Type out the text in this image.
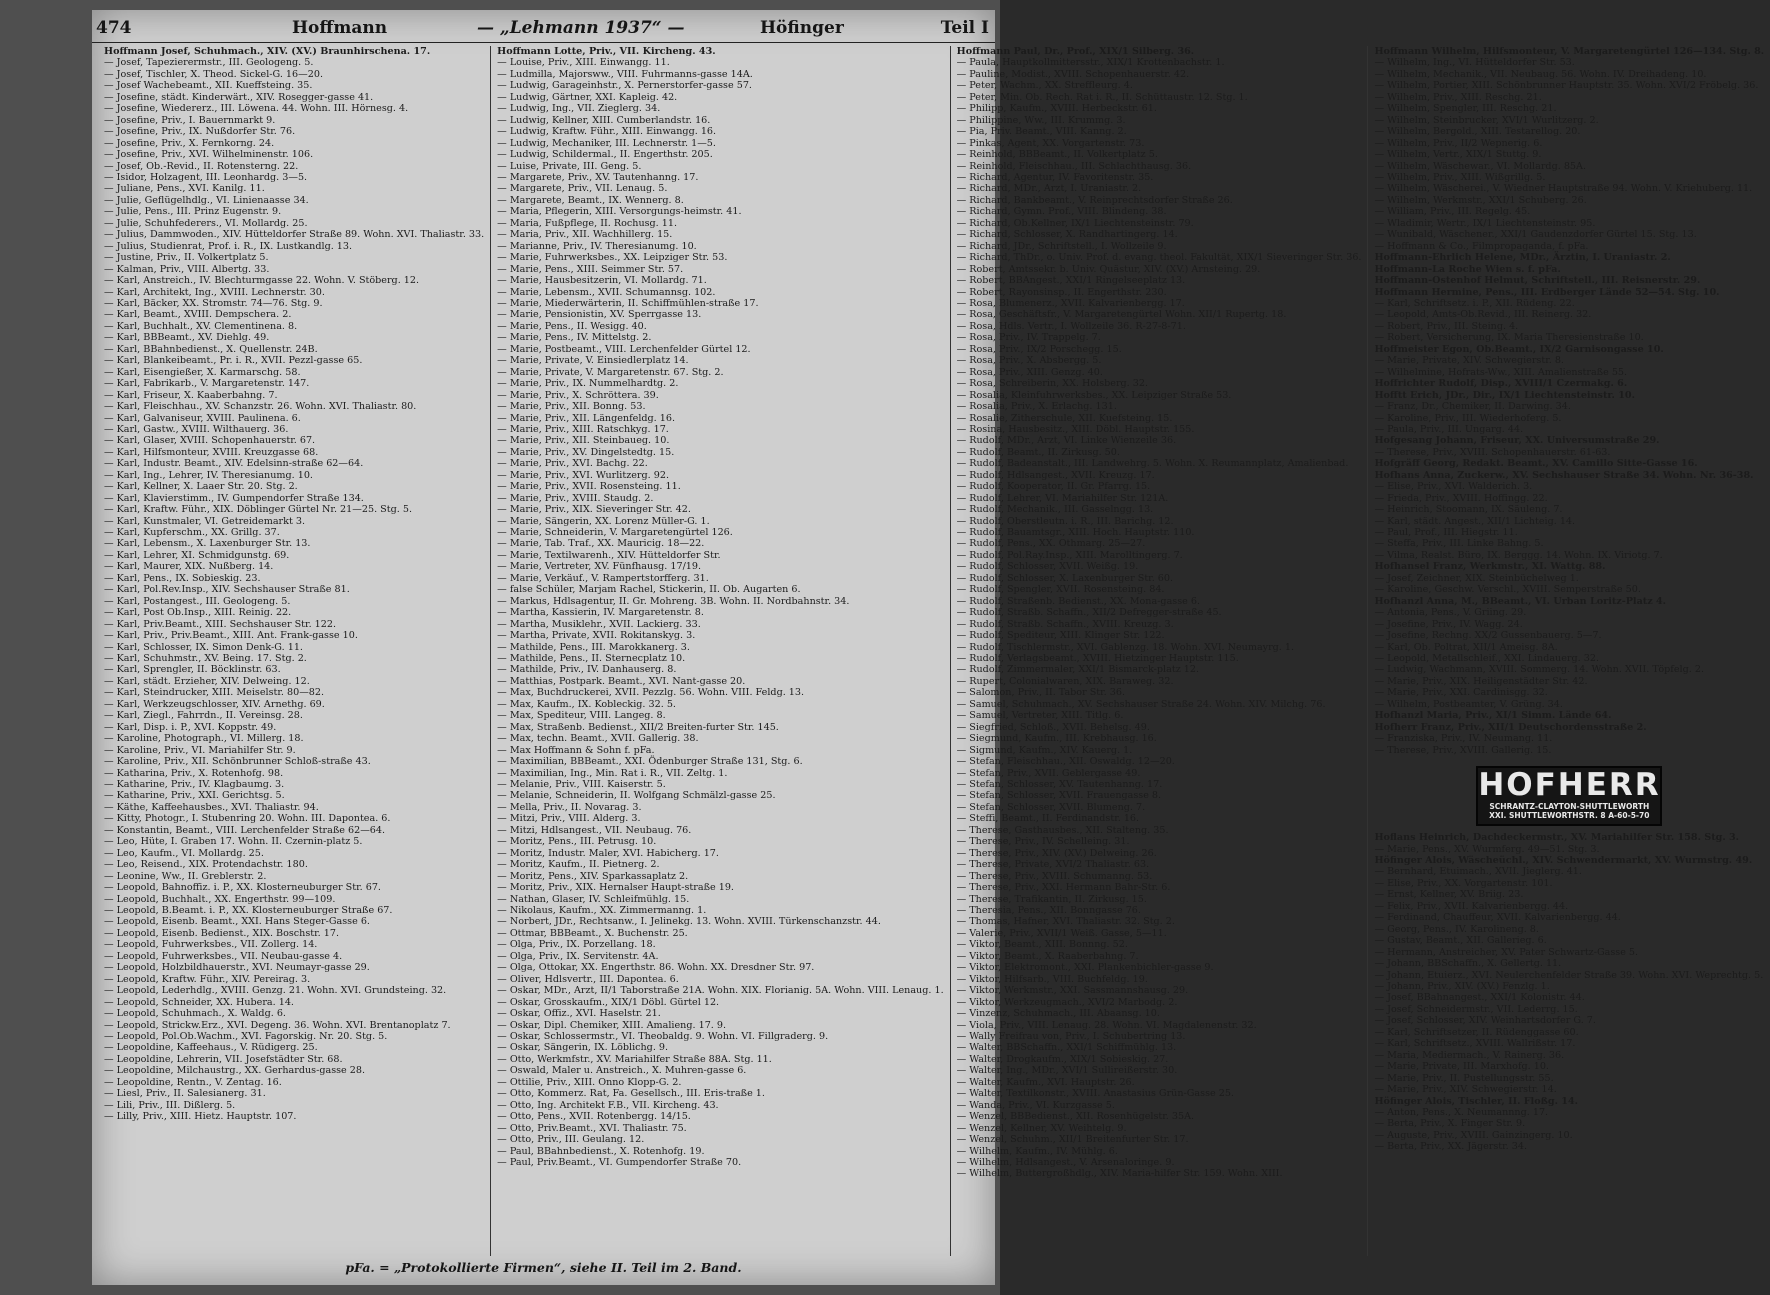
474	Hoffmann	— „Lehmann 1937“ —	Höfinger	Teil I
Hoffmann Josef, Schuhmach., XIV. (XV.) Braunhirschena. 17.
— Josef, Tapezierermstr., III. Geologeng. 5.
— Josef, Tischler, X. Theod. Sickel-G. 16—20.
— Josef Wachebeamt., XII. Kueffsteing. 35.
— Josefine, städt. Kinderwärt., XIV. Rosegger-gasse 41.
— Josefine, Wiedererz., III. Löwena. 44. Wohn. III. Hörnesg. 4.
— Josefine, Priv., I. Bauernmarkt 9.
— Josefine, Priv., IX. Nußdorfer Str. 76.
— Josefine, Priv., X. Fernkorng. 24.
— Josefine, Priv., XVI. Wilhelminenstr. 106.
— Josef, Ob.-Revid., II. Rotensterng. 22.
— Isidor, Holzagent, III. Leonhardg. 3—5.
— Juliane, Pens., XVI. Kanilg. 11.
— Julie, Geflügelhdlg., VI. Linienaasse 34.
— Julie, Pens., III. Prinz Eugenstr. 9.
— Julie, Schuhfederers., VI. Mollardg. 25.
— Julius, Dammwoden., XIV. Hütteldorfer Straße 89. Wohn. XVI. Thaliastr. 33.
— Julius, Studienrat, Prof. i. R., IX. Lustkandlg. 13.
— Justine, Priv., II. Volkertplatz 5.
— Kalman, Priv., VIII. Albertg. 33.
— Karl, Anstreich., IV. Blechturmgasse 22. Wohn. V. Stöberg. 12.
— Karl, Architekt, Ing., XVIII. Lechnerstr. 30.
— Karl, Bäcker, XX. Stromstr. 74—76. Stg. 9.
— Karl, Beamt., XVIII. Dempschera. 2.
— Karl, Buchhalt., XV. Clementinena. 8.
— Karl, BBBeamt., XV. Diehlg. 49.
— Karl, BBahnbedienst., X. Quellenstr. 24B.
— Karl, Blankeibeamt., Pr. i. R., XVII. Pezzl-gasse 65.
— Karl, Eisengießer, X. Karmarschg. 58.
— Karl, Fabrikarb., V. Margaretenstr. 147.
— Karl, Friseur, X. Kaaberbahng. 7.
— Karl, Fleischhau., XV. Schanzstr. 26. Wohn. XVI. Thaliastr. 80.
— Karl, Galvaniseur, XVIII. Paulinena. 6.
— Karl, Gastw., XVIII. Wilthauerg. 36.
— Karl, Glaser, XVIII. Schopenhauerstr. 67.
— Karl, Hilfsmonteur, XVIII. Kreuzgasse 68.
— Karl, Industr. Beamt., XIV. Edelsinn-straße 62—64.
— Karl, Ing., Lehrer, IV. Theresianumg. 10.
— Karl, Kellner, X. Laaer Str. 20. Stg. 2.
— Karl, Klavierstimm., IV. Gumpendorfer Straße 134.
— Karl, Kraftw. Führ., XIX. Döblinger Gürtel Nr. 21—25. Stg. 5.
— Karl, Kunstmaler, VI. Getreidemarkt 3.
— Karl, Kupferschm., XX. Grillg. 37.
— Karl, Lebensm., X. Laxenburger Str. 13.
— Karl, Lehrer, XI. Schmidgunstg. 69.
— Karl, Maurer, XIX. Nußberg. 14.
— Karl, Pens., IX. Sobieskig. 23.
— Karl, Pol.Rev.Insp., XIV. Sechshauser Straße 81.
— Karl, Postangest., III. Geologeng. 5.
— Karl, Post Ob.Insp., XIII. Reinig. 22.
— Karl, Priv.Beamt., XIII. Sechshauser Str. 122.
— Karl, Priv., Priv.Beamt., XIII. Ant. Frank-gasse 10.
— Karl, Schlosser, IX. Simon Denk-G. 11.
— Karl, Schuhmstr., XV. Being. 17. Stg. 2.
— Karl, Sprengler, II. Böcklinstr. 63.
— Karl, städt. Erzieher, XIV. Delweing. 12.
— Karl, Steindrucker, XIII. Meiselstr. 80—82.
— Karl, Werkzeugschlosser, XIV. Arnethg. 69.
— Karl, Ziegl., Fahrrdn., II. Vereinsg. 28.
— Karl, Disp. i. P., XVI. Koppstr. 49.
— Karoline, Photograph., VI. Millerg. 18.
— Karoline, Priv., VI. Mariahilfer Str. 9.
— Karoline, Priv., XII. Schönbrunner Schloß-straße 43.
— Katharina, Priv., X. Rotenhofg. 98.
— Katharine, Priv., IV. Klagbaumg. 3.
— Katharine, Priv., XXI. Gerichtsg. 5.
— Käthe, Kaffeehausbes., XVI. Thaliastr. 94.
— Kitty, Photogr., I. Stubenring 20. Wohn. III. Dapontea. 6.
— Konstantin, Beamt., VIII. Lerchenfelder Straße 62—64.
— Leo, Hüte, I. Graben 17. Wohn. II. Czernin-platz 5.
— Leo, Kaufm., VI. Mollardg. 25.
— Leo, Reisend., XIX. Protendachstr. 180.
— Leonine, Ww., II. Greblerstr. 2.
— Leopold, Bahnoffiz. i. P., XX. Klosterneuburger Str. 67.
— Leopold, Buchhalt., XX. Engerthstr. 99—109.
— Leopold, B.Beamt. i. P., XX. Klosterneuburger Straße 67.
— Leopold, Eisenb. Beamt., XXI. Hans Steger-Gasse 6.
— Leopold, Eisenb. Bedienst., XIX. Boschstr. 17.
— Leopold, Fuhrwerksbes., VII. Zollerg. 14.
— Leopold, Fuhrwerksbes., VII. Neubau-gasse 4.
— Leopold, Holzbildhauerstr., XVI. Neumayr-gasse 29.
— Leopold, Kraftw. Führ., XIV. Pereirag. 3.
— Leopold, Lederhdlg., XVIII. Genzg. 21. Wohn. XVI. Grundsteing. 32.
— Leopold, Schneider, XX. Hubera. 14.
— Leopold, Schuhmach., X. Waldg. 6.
— Leopold, Strickw.Erz., XVI. Degeng. 36. Wohn. XVI. Brentanoplatz 7.
— Leopold, Pol.Ob.Wachm., XVI. Fagorskig. Nr. 20. Stg. 5.
— Leopoldine, Kaffeehaus., V. Rüdigerg. 25.
— Leopoldine, Lehrerin, VII. Josefstädter Str. 68.
— Leopoldine, Milchaustrg., XX. Gerhardus-gasse 28.
— Leopoldine, Rentn., V. Zentag. 16.
— Liesl, Priv., II. Salesianerg. 31.
— Lili, Priv., III. Dißlerg. 5.
— Lilly, Priv., XIII. Hietz. Hauptstr. 107.
Hoffmann Lotte, Priv., VII. Kircheng. 43.
— Louise, Priv., XIII. Einwangg. 11.
— Ludmilla, Majorsww., VIII. Fuhrmanns-gasse 14A.
— Ludwig, Garageinhstr., X. Pernerstorfer-gasse 57.
— Ludwig, Gärtner, XXI. Kapleig. 42.
— Ludwig, Ing., VII. Zieglerg. 34.
— Ludwig, Kellner, XIII. Cumberlandstr. 16.
— Ludwig, Kraftw. Führ., XIII. Einwangg. 16.
— Ludwig, Mechaniker, III. Lechnerstr. 1—5.
— Ludwig, Schildermal., II. Engerthstr. 205.
— Luise, Private, III. Geng. 5.
— Margarete, Priv., XV. Tautenhanng. 17.
— Margarete, Priv., VII. Lenaug. 5.
— Margarete, Beamt., IX. Wennerg. 8.
— Maria, Pflegerin, XIII. Versorgungs-heimstr. 41.
— Maria, Fußpflege, II. Rochusg. 11.
— Maria, Priv., XII. Wachhillerg. 15.
— Marianne, Priv., IV. Theresianumg. 10.
— Marie, Fuhrwerksbes., XX. Leipziger Str. 53.
— Marie, Pens., XIII. Seimmer Str. 57.
— Marie, Hausbesitzerin, VI. Mollardg. 71.
— Marie, Lebensm., XVII. Schumannsg. 102.
— Marie, Miederwärterin, II. Schiffmühlen-straße 17.
— Marie, Pensionistin, XV. Sperrgasse 13.
— Marie, Pens., II. Wesigg. 40.
— Marie, Pens., IV. Mittelstg. 2.
— Marie, Postbeamt., VIII. Lerchenfelder Gürtel 12.
— Marie, Private, V. Einsiedlerplatz 14.
— Marie, Private, V. Margaretenstr. 67. Stg. 2.
— Marie, Priv., IX. Nummelhardtg. 2.
— Marie, Priv., X. Schröttera. 39.
— Marie, Priv., XII. Bonng. 53.
— Marie, Priv., XII. Längenfeldg. 16.
— Marie, Priv., XIII. Ratschkyg. 17.
— Marie, Priv., XII. Steinbaueg. 10.
— Marie, Priv., XV. Dingelstedtg. 15.
— Marie, Priv., XVI. Bachg. 22.
— Marie, Priv., XVI. Wurlitzerg. 92.
— Marie, Priv., XVII. Rosensteing. 11.
— Marie, Priv., XVIII. Staudg. 2.
— Marie, Priv., XIX. Sieveringer Str. 42.
— Marie, Sängerin, XX. Lorenz Müller-G. 1.
— Marie, Schneiderin, V. Margaretengürtel 126.
— Marie, Tab. Traf., XX. Mauricig. 18—22.
— Marie, Textilwarenh., XIV. Hütteldorfer Str.
— Marie, Vertreter, XV. Fünfhausg. 17/19.
— Marie, Verkäuf., V. Rampertstorfferg. 31.
— false Schüler, Marjam Rachel, Stickerin, II. Ob. Augarten 6.
— Markus, Hdlsagentur, II. Gr. Mohreng. 3B. Wohn. II. Nordbahnstr. 34.
— Martha, Kassierin, IV. Margaretenstr. 8.
— Martha, Musiklehr., XVII. Lackierg. 33.
— Martha, Private, XVII. Rokitanskyg. 3.
— Mathilde, Pens., III. Marokkanerg. 3.
— Mathilde, Pens., II. Sternecplatz 10.
— Mathilde, Priv., IV. Danhauserg. 8.
— Matthias, Postpark. Beamt., XVI. Nant-gasse 20.
— Max, Buchdruckerei, XVII. Pezzlg. 56. Wohn. VIII. Feldg. 13.
— Max, Kaufm., IX. Kobleckig. 32. 5.
— Max, Spediteur, VIII. Langeg. 8.
— Max, Straßenb. Bedienst., XII/2 Breiten-furter Str. 145.
— Max, techn. Beamt., XVII. Gallerig. 38.
— Max Hoffmann & Sohn f. pFa.
— Maximilian, BBBeamt., XXI. Ödenburger Straße 131, Stg. 6.
— Maximilian, Ing., Min. Rat i. R., VII. Zeltg. 1.
— Melanie, Priv., VIII. Kaiserstr. 5.
— Melanie, Schneiderin, II. Wolfgang Schmälzl-gasse 25.
— Mella, Priv., II. Novarag. 3.
— Mitzi, Priv., VIII. Alderg. 3.
— Mitzi, Hdlsangest., VII. Neubaug. 76.
— Moritz, Pens., III. Petrusg. 10.
— Moritz, Industr. Maler, XVI. Habicherg. 17.
— Moritz, Kaufm., II. Pietnerg. 2.
— Moritz, Pens., XIV. Sparkassaplatz 2.
— Moritz, Priv., XIX. Hernalser Haupt-straße 19.
— Nathan, Glaser, IV. Schleifmühlg. 15.
— Nikolaus, Kaufm., XX. Zimmermanng. 1.
— Norbert, JDr., Rechtsanw., I. Jelinekg. 13. Wohn. XVIII. Türkenschanzstr. 44.
— Ottmar, BBBeamt., X. Buchenstr. 25.
— Olga, Priv., IX. Porzellang. 18.
— Olga, Priv., IX. Servitenstr. 4A.
— Olga, Ottokar, XX. Engerthstr. 86. Wohn. XX. Dresdner Str. 97.
— Oliver, Hdlsvertr., III. Dapontea. 6.
— Oskar, MDr., Arzt, II/1 Taborstraße 21A. Wohn. XIX. Florianig. 5A. Wohn. VIII. Lenaug. 1.
— Oskar, Grosskaufm., XIX/1 Döbl. Gürtel 12.
— Oskar, Offiz., XVI. Haselstr. 21.
— Oskar, Dipl. Chemiker, XIII. Amalieng. 17. 9.
— Oskar, Schlossermstr., VI. Theobaldg. 9. Wohn. VI. Fillgraderg. 9.
— Oskar, Sängerin, IX. Löblichg. 9.
— Otto, Werkmfstr., XV. Mariahilfer Straße 88A. Stg. 11.
— Oswald, Maler u. Anstreich., X. Muhren-gasse 6.
— Ottilie, Priv., XIII. Onno Klopp-G. 2.
— Otto, Kommerz. Rat, Fa. Gesellsch., III. Eris-traße 1.
— Otto, Ing. Architekt F.B., VII. Kircheng. 43.
— Otto, Pens., XVII. Rotenbergg. 14/15.
— Otto, Priv.Beamt., XVI. Thaliastr. 75.
— Otto, Priv., III. Geulang. 12.
— Paul, BBahnbedienst., X. Rotenhofg. 19.
— Paul, Priv.Beamt., VI. Gumpendorfer Straße 70.
Hoffmann Paul, Dr., Prof., XIX/1 Silberg. 36.
— Paula, Hauptkollmittersstr., XIX/1 Krottenbachstr. 1.
— Pauline, Modist., XVIII. Schopenhauerstr. 42.
— Peter, Wachm., XX. Streffleurg. 4.
— Peter, Min. Ob. Rech. Rat i. R., II. Schüttaustr. 12. Stg. 1.
— Philipp, Kaufm., XVIII. Herbeckstr. 61.
— Philippine, Ww., III. Krummg. 3.
— Pia, Priv. Beamt., VIII. Kanng. 2.
— Pinkas, Agent, XX. Vorgartenstr. 73.
— Reinhold, BBBeamt., II. Volkertplatz 5.
— Reinhold, Fleischhau., III. Schlachthausg. 36.
— Richard, Agentur, IV. Favoritenstr. 35.
— Richard, MDr., Arzt, I. Uraniastr. 2.
— Richard, Bankbeamt., V. Reinprechtsdorfer Straße 26.
— Richard, Gymn. Prof., VIII. Blindeng. 38.
— Richard, Ob.Kellner, IX/1 Liechtensteinstr. 79.
— Richard, Schlosser, X. Randhartingerg. 14.
— Richard, JDr., Schriftstell., I. Wollzeile 9.
— Richard, ThDr., o. Univ. Prof. d. evang. theol. Fakultät, XIX/1 Sieveringer Str. 36.
— Robert, Amtssekr. b. Univ. Quästur, XIV. (XV.) Arnsteing. 29.
— Robert, BBAngest., XXI/1 Ringelseeplatz 13.
— Robert, Rayonsinsp., II. Engerthstr. 230.
— Rosa, Blumenerz., XVII. Kalvarienbergg. 17.
— Rosa, Geschäftsfr., V. Margaretengürtel Wohn. XII/1 Rupertg. 18.
— Rosa, Hdls. Vertr., I. Wollzeile 36. R-27-8-71.
— Rosa, Priv., IV. Trappelg. 7.
— Rosa, Priv., IX/2 Porschegg. 15.
— Rosa, Priv., X. Absbergg. 5.
— Rosa, Priv., XIII. Genzg. 40.
— Rosa, Schreiberin, XX. Holsberg. 32.
— Rosalia, Kleinfuhrwerksbes., XX. Leipziger Straße 53.
— Rosalia, Priv., X. Erlachg. 131.
— Rosalie, Zitherschule, XII. Kuefsteing. 15.
— Rosina, Hausbesitz., XIII. Döbl. Hauptstr. 155.
— Rudolf, MDr., Arzt, VI. Linke Wienzeile 36.
— Rudolf, Beamt., II. Zirkusg. 50.
— Rudolf, Badeanstalt., III. Landwehrg. 5. Wohn. X. Reumannplatz, Amalienbad.
— Rudolf, Hdlsangest., XVII. Kreuzg. 17.
— Rudolf, Kooperator, II. Gr. Pfarrg. 15.
— Rudolf, Lehrer, VI. Mariahilfer Str. 121A.
— Rudolf, Mechanik., III. Gasselngg. 13.
— Rudolf, Oberstleutn. i. R., III. Barichg. 12.
— Rudolf, Bauamtsgr., XIII. Hoch. Hauptstr. 110.
— Rudolf, Pens., XX. Othmarg. 25—27.
— Rudolf, Pol.Ray.Insp., XIII. Marolltingerg. 7.
— Rudolf, Schlosser, XVII. Weißg. 19.
— Rudolf, Schlosser, X. Laxenburger Str. 60.
— Rudolf, Spengler, XVII. Rosensteing. 84.
— Rudolf, Straßenb. Bedienst., XX. Mona-gasse 6.
— Rudolf, Straßb. Schaffn., XII/2 Defregger-straße 45.
— Rudolf, Straßb. Schaffn., XVIII. Kreuzg. 3.
— Rudolf, Spediteur, XIII. Klinger Str. 122.
— Rudolf, Tischlermstr., XVI. Gablenzg. 18. Wohn. XVI. Neumayrg. 1.
— Rudolf, Verlagsbeamt., XVIII. Hietzinger Hauptstr. 115.
— Rudolf, Zimmermaler, XXI/1 Bismarck-platz 12.
— Rupert, Colonialwaren, XIX. Baraweg. 32.
— Salomon, Priv., II. Tabor Str. 36.
— Samuel, Schuhmach., XV. Sechshauser Straße 24. Wohn. XIV. Milchg. 76.
— Samuel, Vertreter, XIII. Titlg. 6.
— Siegfried, Schloß., XVII. Behelsg. 49.
— Siegmund, Kaufm., III. Krebhausg. 16.
— Sigmund, Kaufm., XIV. Kauerg. 1.
— Stefan, Fleischhau., XII. Oswaldg. 12—20.
— Stefan, Priv., XVII. Geblergasse 49.
— Stefan, Schlosser, XV. Tautenhanng. 17.
— Stefan, Schlosser, XVII. Frauengasse 8.
— Stefan, Schlosser, XVII. Blumeng. 7.
— Steffi, Beamt., II. Ferdinandstr. 16.
— Therese, Gasthausbes., XII. Stalteng. 35.
— Therese, Priv., IV. Schelleing. 31.
— Therese, Priv., XIV. (XV.) Delweing. 26.
— Therese, Private, XVI/2 Thaliastr. 63.
— Therese, Priv., XVIII. Schumanng. 53.
— Therese, Priv., XXI. Hermann Bahr-Str. 6.
— Therese, Trafikantin, II. Zirkusg. 15.
— Theresia, Pens., XII. Bonngasse 76.
— Thomas, Hafner, XVI. Thaliastr. 32. Stg. 2.
— Valerie, Priv., XVII/1 Weiß. Gasse, 5—11.
— Viktor, Beamt., XIII. Bonnng. 52.
— Viktor, Beamt., X. Raaberbahng. 7.
— Viktor, Elektromont., XXI. Plankenbichler-gasse 9.
— Viktor, Hilfsarb., VIII. Buchfeldg. 19.
— Viktor, Werkmstr., XXI. Sassmannshausg. 29.
— Viktor, Werkzeugmach., XVI/2 Marbodg. 2.
— Vinzenz, Schuhmach., III. Abaansg. 10.
— Viola, Priv., VIII. Lenaug. 28. Wohn. VI. Magdalenenstr. 32.
— Wally Freifrau von, Priv., I. Schubertring 13.
— Walter, BBSchaffn., XXI/1 Schiffmühlg. 13.
— Walter, Drogkaufm., XIX/1 Sobieskig. 27.
— Walter, Ing., MDr., XVI/1 Sullireißerstr. 30.
— Walter, Kaufm., XVI. Hauptstr. 26.
— Walter, Textilkonstr., XVIII. Anastasius Grün-Gasse 25.
— Wanda, Priv., VI. Kurzgasse 5.
— Wenzel, BBBedienst., XII. Rosenhügelstr. 35A.
— Wenzel, Kellner, XV. Weihtelg. 9.
— Wenzel, Schuhm., XII/1 Breitenfurter Str. 17.
— Wilhelm, Kaufm., IV. Mühlg. 6.
— Wilhelm, Hdlsangest., V. Arsenaloringe. 9.
— Wilhelm, Buttergroßhdlg., XIV. Maria-hilfer Str. 159. Wohn. XIII.
Hoffmann Wilhelm, Hilfsmonteur, V. Margaretengürtel 126—134. Stg. 8.
— Wilhelm, Ing., VI. Hütteldorfer Str. 53.
— Wilhelm, Mechanik., VII. Neubaug. 56. Wohn. IV. Dreihadeng. 10.
— Wilhelm, Portier, XIII. Schönbrunner Hauptstr. 35. Wohn. XVI/2 Fröbelg. 36.
— Wilhelm, Priv., XIII. Reschg. 21.
— Wilhelm, Spengler, III. Reschg. 21.
— Wilhelm, Steinbrucker, XVI/1 Wurlitzerg. 2.
— Wilhelm, Bergold., XIII. Testarellog. 20.
— Wilhelm, Priv., II/2 Wepnerig. 6.
— Wilhelm, Vertr., XIX/1 Stuttg. 9.
— Wilhelm, Wäschewar., VI. Mollardg. 85A.
— Wilhelm, Priv., XIII. Wißgrillg. 5.
— Wilhelm, Wäscherei., V. Wiedner Hauptstraße 94. Wohn. V. Kriehuberg. 11.
— Wilhelm, Werkmstr., XXI/1 Schuberg. 26.
— William, Priv., III. Regelg. 45.
— Wladimir, Wertr., IX/1 Liechtensteinstr. 95.
— Wunibald, Wäschener., XXI/1 Gaudenzdorfer Gürtel 15. Stg. 13.
— Hoffmann & Co., Filmpropaganda, f. pFa.
Hoffmann-Ehrlich Helene, MDr., Ärztin, I. Uraniastr. 2.
Hoffmann-La Roche Wien s. f. pFa.
Hoffmann-Ostenhof Helmut, Schriftstell., III. Reisnerstr. 29.
Hoffmann Hermine, Pens., III. Erdberger Lände 52—54. Stg. 10.
— Karl, Schriftsetz. i. P., XII. Rüdeng. 22.
— Leopold, Amts-Ob.Revid., III. Reinerg. 32.
— Robert, Priv., III. Steing. 4.
— Robert, Versicherung, IX. Maria Theresienstraße 10.
Hoffmeister Egon, Ob.Beamt., IX/2 Garnisongasse 10.
— Marie, Private, XIV. Schwegierstr. 8.
— Wilhelmine, Hofrats-Ww., XIII. Amalienstraße 55.
Hoffrichter Rudolf, Disp., XVIII/1 Czermakg. 6.
Hofftt Erich, JDr., Dir., IX/1 Liechtensteinstr. 10.
— Franz, Dr., Chemiker, II. Darwing. 34.
— Karoline, Priv., III. Wiederhoferg. 5.
— Paula, Priv., III. Ungarg. 44.
Hofgesang Johann, Friseur, XX. Universumstraße 29.
— Therese, Priv., XVIII. Schopenhauerstr. 61-63.
Hofgräff Georg, Redakt. Beamt., XV. Camillo Sitte-Gasse 16.
Hofhans Anna, Zuckerw., XV. Sechshauser Straße 34. Wohn. Nr. 36-38.
— Elise, Priv., XVI. Walderich. 3.
— Frieda, Priv., XVIII. Hoffingg. 22.
— Heinrich, Stoomann, IX. Säuleng. 7.
— Karl, städt. Angest., XII/1 Lichteig. 14.
— Paul, Prof., III. Hiegstr. 11.
— Steffa, Priv., III. Linke Bahng. 5.
— Vilma, Realst. Büro, IX. Berggg. 14. Wohn. IX. Viriotg. 7.
Hofhansel Franz, Werkmstr., XI. Wattg. 88.
— Josef, Zeichner, XIX. Steinbüchelweg 1.
— Karoline, Geschw. Verschl., XVIII. Semperstraße 50.
Hofhanzl Anna, M., BBeamt., VI. Urban Loritz-Platz 4.
— Antonia, Pens., V. Griing. 29.
— Josefine, Priv., IV. Wagg. 24.
— Josefine, Rechng. XX/2 Gussenbauerg. 5—7.
— Karl, Ob. Poltrat, XII/1 Ameisg. 8A.
— Leopold, Metallschleif., XXI. Lindauerg. 32.
— Ludwig, Wachmann, XVIII. Sommerg. 14. Wohn. XVII. Töpfelg. 2.
— Marie, Priv., XIX. Heiligenstädter Str. 42.
— Marie, Priv., XXI. Cardinisgg. 32.
— Wilhelm, Postbeamter, V. Grüng. 34.
Hofhanzl Maria, Priv., XI/1 Simm. Lände 64.
Hofherr Franz, Priv., XII/1 Deutschordensstraße 2.
— Franziska, Priv., IV. Neumang. 11.
— Therese, Priv., XVIII. Gallerig. 15.
HOFHERR
SCHRANTZ-CLAYTON-SHUTTLEWORTH
XXI. SHUTTLEWORTHSTR. 8 A-60-5-70
Hoflans Heinrich, Dachdeckermstr., XV. Mariahilfer Str. 158. Stg. 3.
— Marie, Pens., XV. Wurmferg. 49—51. Stg. 3.
Höfinger Alois, Wäscheüchl., XIV. Schwendermarkt, XV. Wurmstrg. 49.
— Bernhard, Etuimach., XVII. Jieglerg. 41.
— Elise, Priv., XX. Vorgartenstr. 101.
— Ernst, Kellner, XV. Briig. 23.
— Felix, Priv., XVII. Kalvarienbergg. 44.
— Ferdinand, Chauffeur, XVII. Kalvarienbergg. 44.
— Georg, Pens., IV. Karolineng. 8.
— Gustav, Beamt., XII. Gallerieg. 6.
— Hermann, Anstreicher, XV. Pater Schwartz-Gasse 5.
— Johann, BBSchaffn., X. Gellertg. 11.
— Johann, Etuierz., XVI. Neulerchenfelder Straße 39. Wohn. XVI. Weprechtg. 5.
— Johann, Priv., XIV. (XV.) Fenzlg. 1.
— Josef, BBahnangest., XXI/1 Kolonistr. 44.
— Josef, Schneidermstr., VII. Lederrg. 15.
— Josef, Schlosser, XIV. Weinhartsdorfer G. 7.
— Karl, Schriftsetzer, II. Rüdenggasse 60.
— Karl, Schriftsetz., XVIII. Wallrißstr. 17.
— Maria, Mediermach., V. Rainerg. 36.
— Marie, Private, III. Marxhofg. 10.
— Marie, Priv., II. Pustellungsstr. 55.
— Marie, Priv., XIV. Schwegierstr. 14.
Höfinger Alois, Tischler, II. Floßg. 14.
— Anton, Pens., X. Neumannng. 17.
— Berta, Priv., X. Finger Str. 9.
— Auguste, Priv., XVIII. Gainzingerg. 10.
— Berta, Priv., XX. Jägerstr. 34.
pFa. = „Protokollierte Firmen“, siehe II. Teil im 2. Band.
